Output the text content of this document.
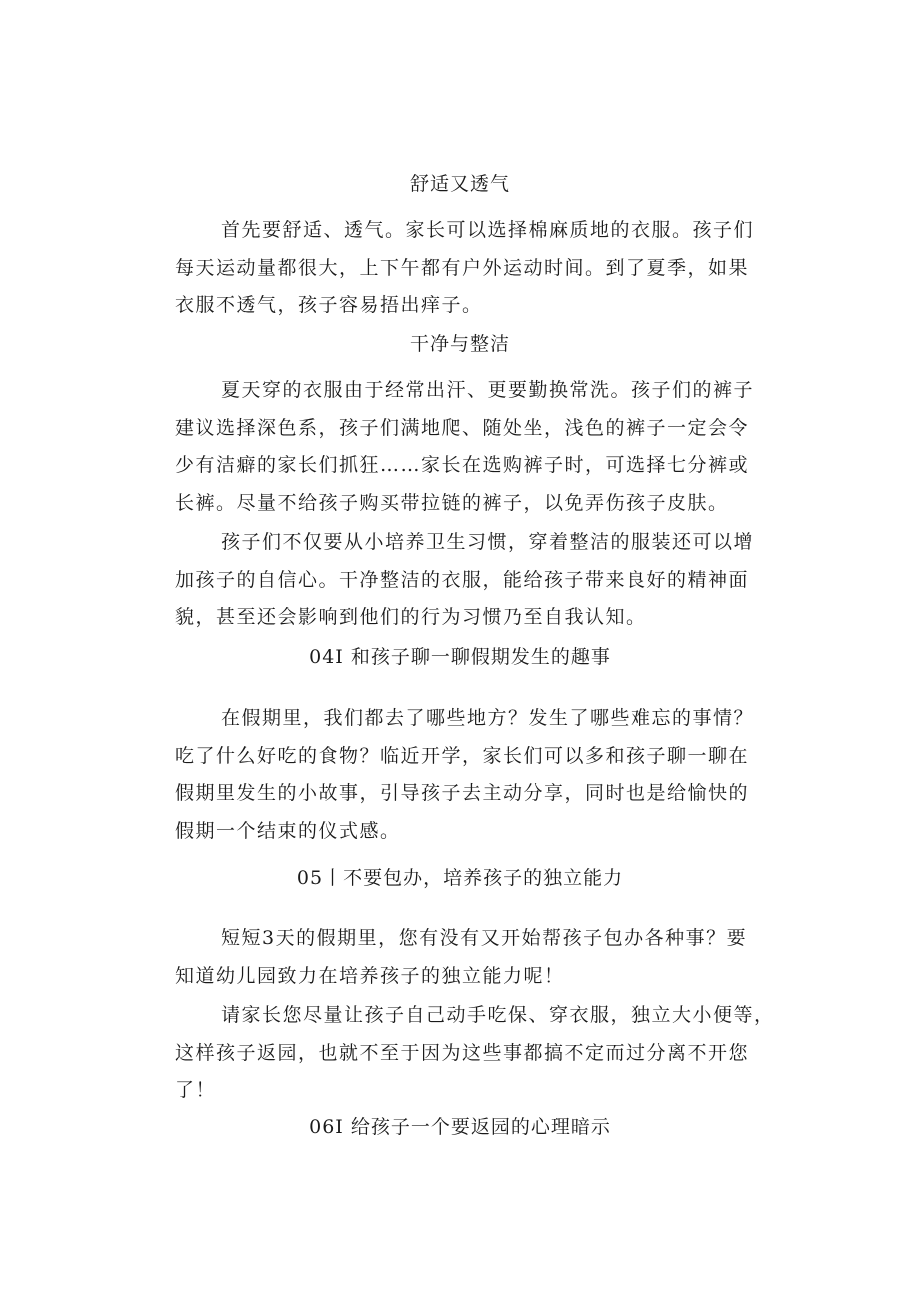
舒适又透气

首先要舒适、透气。家长可以选择棉麻质地的衣服。孩子们
每天运动量都很大，上下午都有户外运动时间。到了夏季，如果
衣服不透气，孩子容易捂出痒子。

干净与整洁

夏天穿的衣服由于经常出汗、更要勤换常洗。孩子们的裤子
建议选择深色系，孩子们满地爬、随处坐，浅色的裤子一定会令
少有洁癖的家长们抓狂……家长在选购裤子时，可选择七分裤或
长裤。尽量不给孩子购买带拉链的裤子，以免弄伤孩子皮肤。

孩子们不仅要从小培养卫生习惯，穿着整洁的服装还可以增
加孩子的自信心。干净整洁的衣服，能给孩子带来良好的精神面
貌，甚至还会影响到他们的行为习惯乃至自我认知。

04I 和孩子聊一聊假期发生的趣事

在假期里，我们都去了哪些地方？发生了哪些难忘的事情？
吃了什么好吃的食物？临近开学，家长们可以多和孩子聊一聊在
假期里发生的小故事，引导孩子去主动分享，同时也是给愉快的
假期一个结束的仪式感。

05丨不要包办，培养孩子的独立能力

短短3天的假期里，您有没有又开始帮孩子包办各种事？要
知道幼儿园致力在培养孩子的独立能力呢！

请家长您尽量让孩子自己动手吃保、穿衣服，独立大小便等，
这样孩子返园，也就不至于因为这些事都搞不定而过分离不开您
了！

06I 给孩子一个要返园的心理暗示
